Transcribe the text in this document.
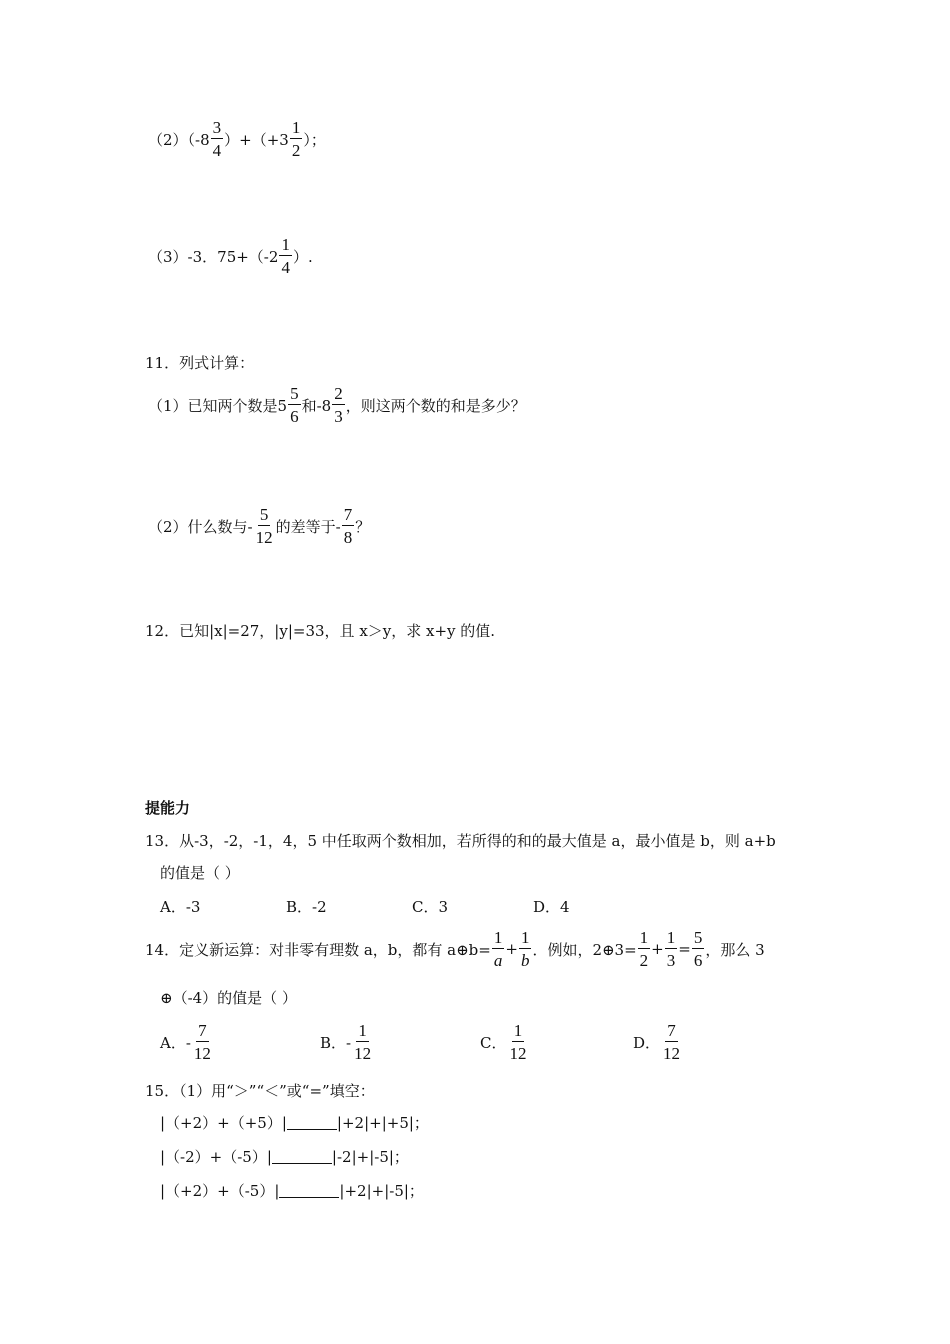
$(2)(-8 \frac{3}{4} )+(+3 \frac{1}{2}$ ）；
（3）-3．$75+(-2 \frac{1}{4}$ ）.
11．列式计算：
（1）已知两个数是$5 \frac{5}{6}$ 和$-8 \frac{2}{3}$ ，则这两个数的和是多少？
（2）什么数与- $\frac{5}{12}$ 的差等于- $\frac{7}{8}$ ？
12．已知|x|=27，|y|=33，且 x＞y，求 x+y 的值.
提能力
13．从-3，-2，-1，4，5 中任取两个数相加，若所得的和的最大值是 a，最小值是 b，则 a+b
的值是（ ）
A．-3	B．-2	C．3	D．4
14．定义新运算：对非零有理数 a，b，都有 a⊕b= $\frac{1}{a} + \frac{1}{b}$ ．例如，2⊕3= $\frac{1}{2} + \frac{1}{3} = \frac{5}{6}$ ，那么 3
⊕（-4）的值是（ ）
A．- $\frac{7}{12}$	B．- $\frac{1}{12}$	C． $\frac{1}{12}$	D． $\frac{7}{12}$
15．（1）用“＞”“＜”或“=”填空：
|（+2）+（+5）|	|+2|+|+5|；
|（-2）+（-5）|	|-2|+|-5|；
|（+2）+（-5）|	|+2|+|-5|；
